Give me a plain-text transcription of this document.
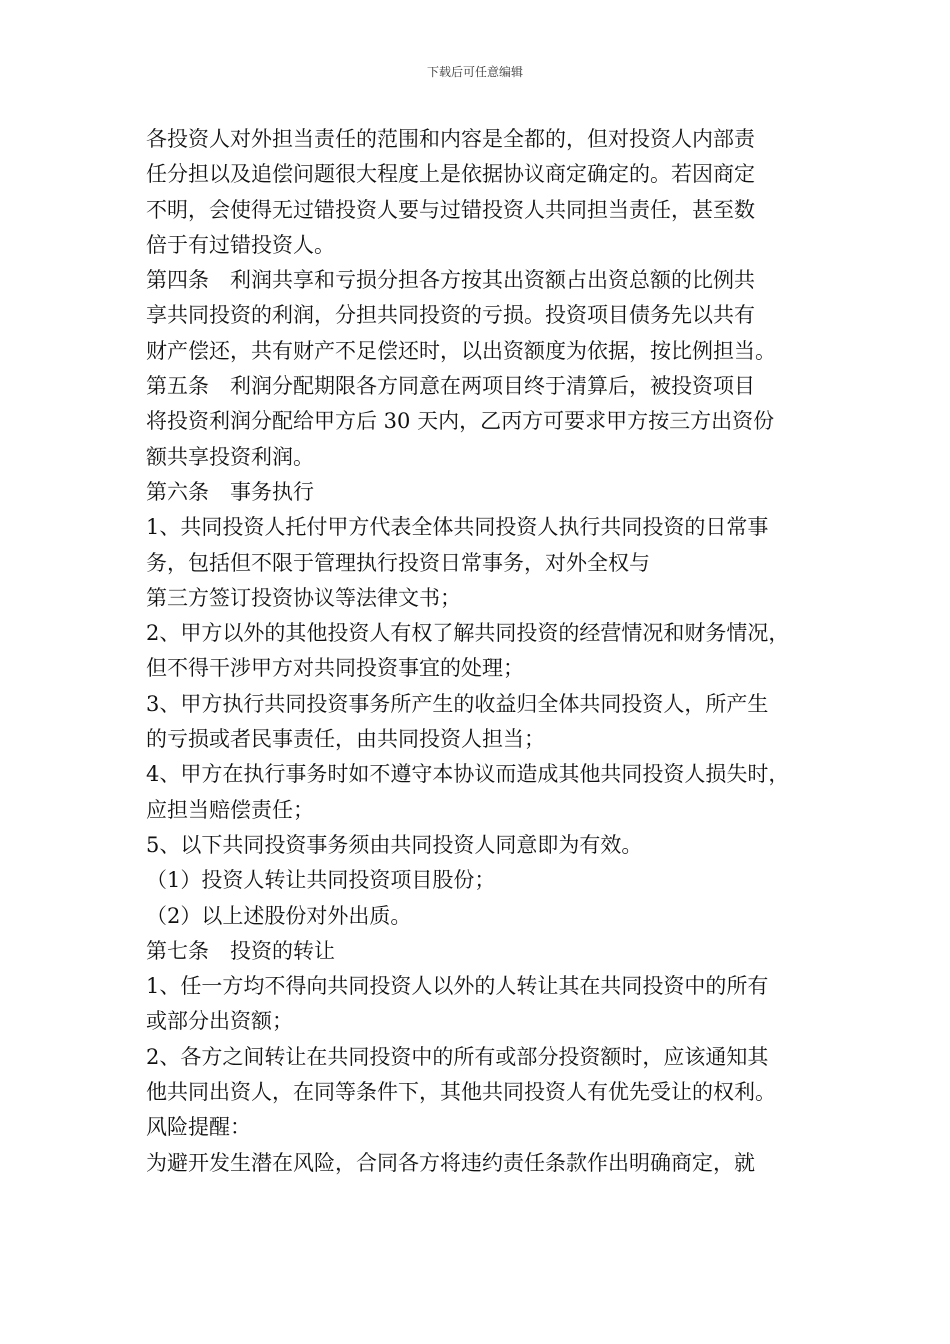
下载后可任意编辑
各投资人对外担当责任的范围和内容是全都的，但对投资人内部责
任分担以及追偿问题很大程度上是依据协议商定确定的。若因商定
不明，会使得无过错投资人要与过错投资人共同担当责任，甚至数
倍于有过错投资人。
第四条　利润共享和亏损分担各方按其出资额占出资总额的比例共
享共同投资的利润，分担共同投资的亏损。投资项目债务先以共有
财产偿还，共有财产不足偿还时，以出资额度为依据，按比例担当。
第五条　利润分配期限各方同意在两项目终于清算后，被投资项目
将投资利润分配给甲方后 30 天内，乙丙方可要求甲方按三方出资份
额共享投资利润。
第六条　事务执行
1、共同投资人托付甲方代表全体共同投资人执行共同投资的日常事
务，包括但不限于管理执行投资日常事务，对外全权与
第三方签订投资协议等法律文书；
2、甲方以外的其他投资人有权了解共同投资的经营情况和财务情况，
但不得干涉甲方对共同投资事宜的处理；
3、甲方执行共同投资事务所产生的收益归全体共同投资人，所产生
的亏损或者民事责任，由共同投资人担当；
4、甲方在执行事务时如不遵守本协议而造成其他共同投资人损失时，
应担当赔偿责任；
5、以下共同投资事务须由共同投资人同意即为有效。
（1）投资人转让共同投资项目股份；
（2）以上述股份对外出质。
第七条　投资的转让
1、任一方均不得向共同投资人以外的人转让其在共同投资中的所有
或部分出资额；
2、各方之间转让在共同投资中的所有或部分投资额时，应该通知其
他共同出资人，在同等条件下，其他共同投资人有优先受让的权利。
风险提醒：
为避开发生潜在风险，合同各方将违约责任条款作出明确商定，就
